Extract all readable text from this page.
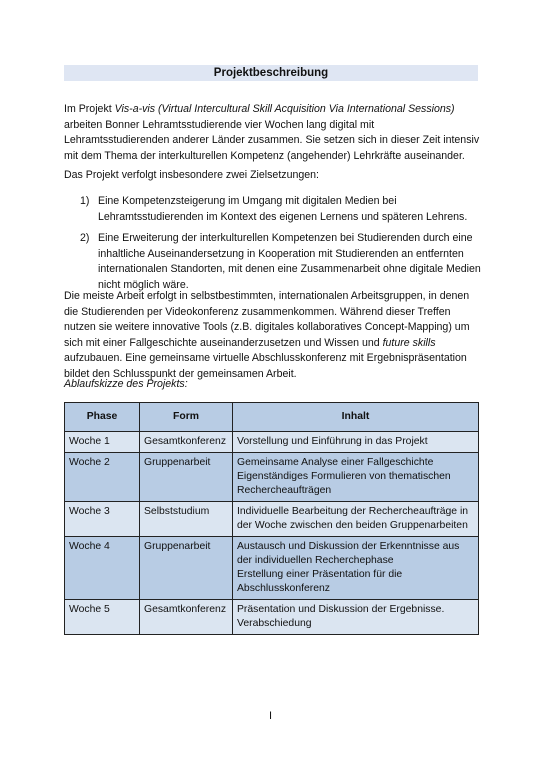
Projektbeschreibung

Im Projekt Vis-a-vis (Virtual Intercultural Skill Acquisition Via International Sessions) arbeiten Bonner Lehramtsstudierende vier Wochen lang digital mit Lehramtsstudierenden anderer Länder zusammen. Sie setzen sich in dieser Zeit intensiv mit dem Thema der interkulturellen Kompetenz (angehender) Lehrkräfte auseinander.

Das Projekt verfolgt insbesondere zwei Zielsetzungen:

1) Eine Kompetenzsteigerung im Umgang mit digitalen Medien bei Lehramtsstudierenden im Kontext des eigenen Lernens und späteren Lehrens.
2) Eine Erweiterung der interkulturellen Kompetenzen bei Studierenden durch eine inhaltliche Auseinandersetzung in Kooperation mit Studierenden an entfernten internationalen Standorten, mit denen eine Zusammenarbeit ohne digitale Medien nicht möglich wäre.

Die meiste Arbeit erfolgt in selbstbestimmten, internationalen Arbeitsgruppen, in denen die Studierenden per Videokonferenz zusammenkommen. Während dieser Treffen nutzen sie weitere innovative Tools (z.B. digitales kollaboratives Concept-Mapping) um sich mit einer Fallgeschichte auseinanderzusetzen und Wissen und future skills aufzubauen. Eine gemeinsame virtuelle Abschlusskonferenz mit Ergebnispräsentation bildet den Schlusspunkt der gemeinsamen Arbeit.

Ablaufskizze des Projekts:
Phase	Form	Inhalt
Woche 1	Gesamtkonferenz	Vorstellung und Einführung in das Projekt

Woche 2	Gruppenarbeit	Gemeinsame Analyse einer Fallgeschichte
Eigenständiges Formulieren von thematischen Rechercheaufträgen

Woche 3	Selbststudium	Individuelle Bearbeitung der Rechercheaufträge in der Woche zwischen den beiden Gruppenarbeiten

Woche 4	Gruppenarbeit	Austausch und Diskussion der Erkenntnisse aus der individuellen Recherchephase
Erstellung einer Präsentation für die Abschlusskonferenz

Woche 5	Gesamtkonferenz	Präsentation und Diskussion der Ergebnisse.
Verabschiedung
I
